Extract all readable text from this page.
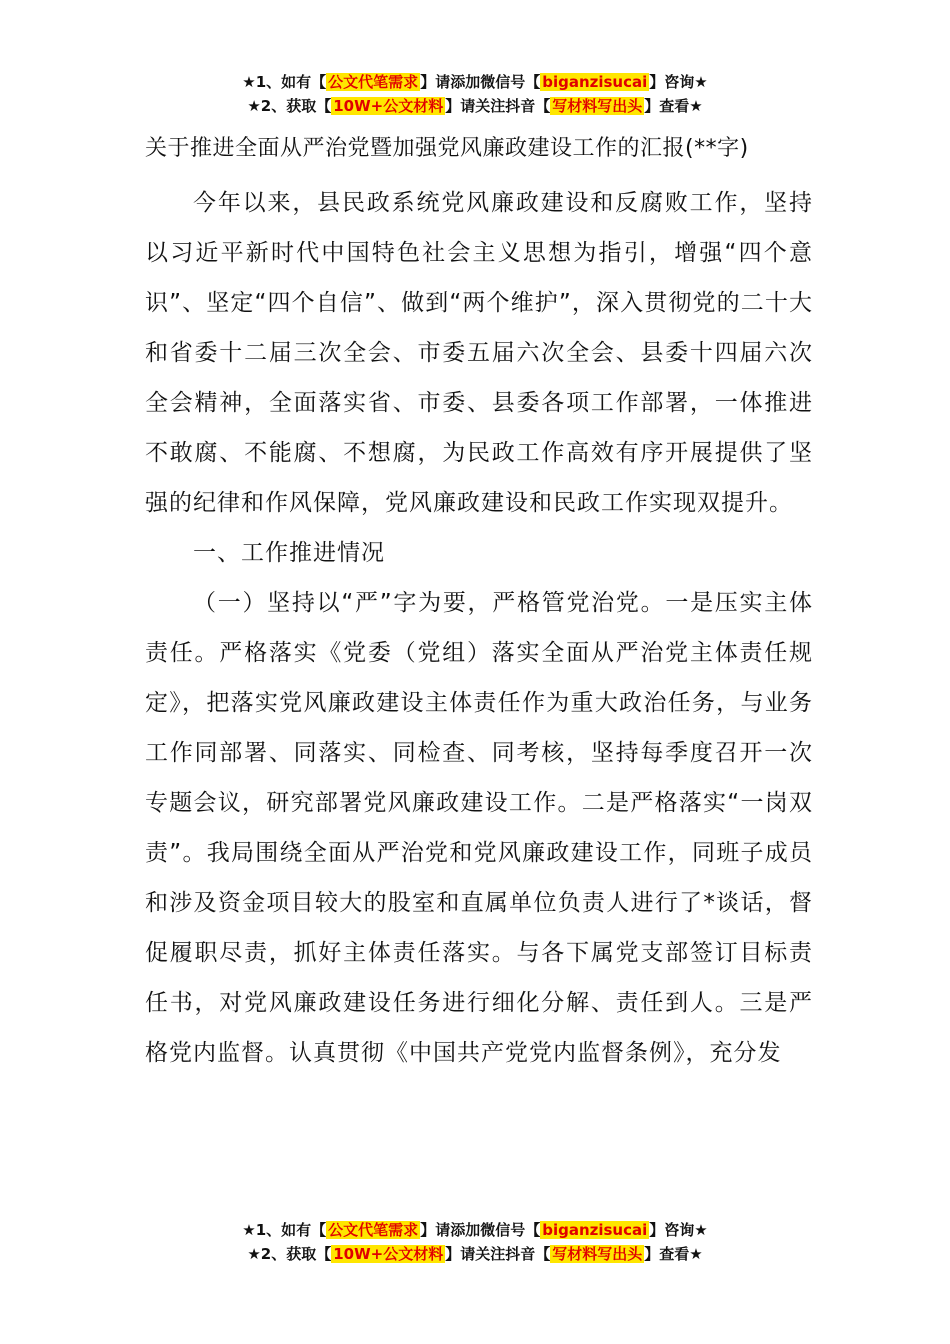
★1、如有【 公文代笔需求 】请添加微信号【 biganzisucai 】咨询★
★2、获取【 10W+公文材料 】请关注抖音【 写材料写出头 】查看★

关于推进全面从严治党暨加强党风廉政建设工作的汇报(**字)

今年以来，县民政系统党风廉政建设和反腐败工作，坚持以习近平新时代中国特色社会主义思想为指引，增强“四个意识”、坚定“四个自信”、做到“两个维护”，深入贯彻党的二十大和省委十二届三次全会、市委五届六次全会、县委十四届六次全会精神，全面落实省、市委、县委各项工作部署，一体推进不敢腐、不能腐、不想腐，为民政工作高效有序开展提供了坚强的纪律和作风保障，党风廉政建设和民政工作实现双提升。

一、工作推进情况

（一）坚持以“严”字为要，严格管党治党。一是压实主体责任。严格落实《党委（党组）落实全面从严治党主体责任规定》，把落实党风廉政建设主体责任作为重大政治任务，与业务工作同部署、同落实、同检查、同考核，坚持每季度召开一次专题会议，研究部署党风廉政建设工作。二是严格落实“一岗双责”。我局围绕全面从严治党和党风廉政建设工作，同班子成员和涉及资金项目较大的股室和直属单位负责人进行了*谈话，督促履职尽责，抓好主体责任落实。与各下属党支部签订目标责任书，对党风廉政建设任务进行细化分解、责任到人。三是严格党内监督。认真贯彻《中国共产党党内监督条例》，充分发

★1、如有【 公文代笔需求 】请添加微信号【 biganzisucai 】咨询★
★2、获取【 10W+公文材料 】请关注抖音【 写材料写出头 】查看★
